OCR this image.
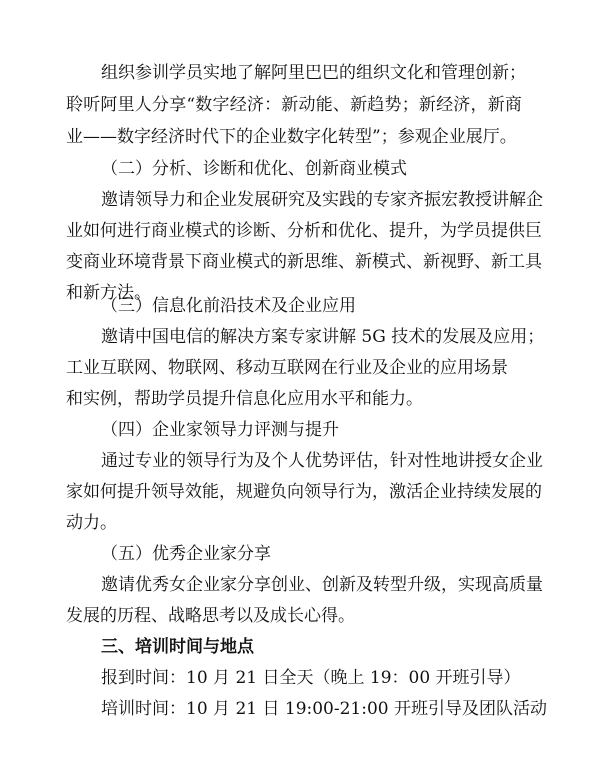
组织参训学员实地了解阿里巴巴的组织文化和管理创新；
聆听阿里人分享“数字经济：新动能、新趋势；新经济，新商
业——数字经济时代下的企业数字化转型”；参观企业展厅。
（二）分析、诊断和优化、创新商业模式
邀请领导力和企业发展研究及实践的专家齐振宏教授讲解企
业如何进行商业模式的诊断、分析和优化、提升，为学员提供巨
变商业环境背景下商业模式的新思维、新模式、新视野、新工具
和新方法。
（三）信息化前沿技术及企业应用
邀请中国电信的解决方案专家讲解 5G 技术的发展及应用；
工业互联网、物联网、移动互联网在行业及企业的应用场景
和实例，帮助学员提升信息化应用水平和能力。
（四）企业家领导力评测与提升
通过专业的领导行为及个人优势评估，针对性地讲授女企业
家如何提升领导效能，规避负向领导行为，激活企业持续发展的
动力。
（五）优秀企业家分享
邀请优秀女企业家分享创业、创新及转型升级，实现高质量
发展的历程、战略思考以及成长心得。
三、培训时间与地点
报到时间：10 月 21 日全天（晚上 19：00 开班引导）
培训时间：10 月 21 日 19:00-21:00 开班引导及团队活动
